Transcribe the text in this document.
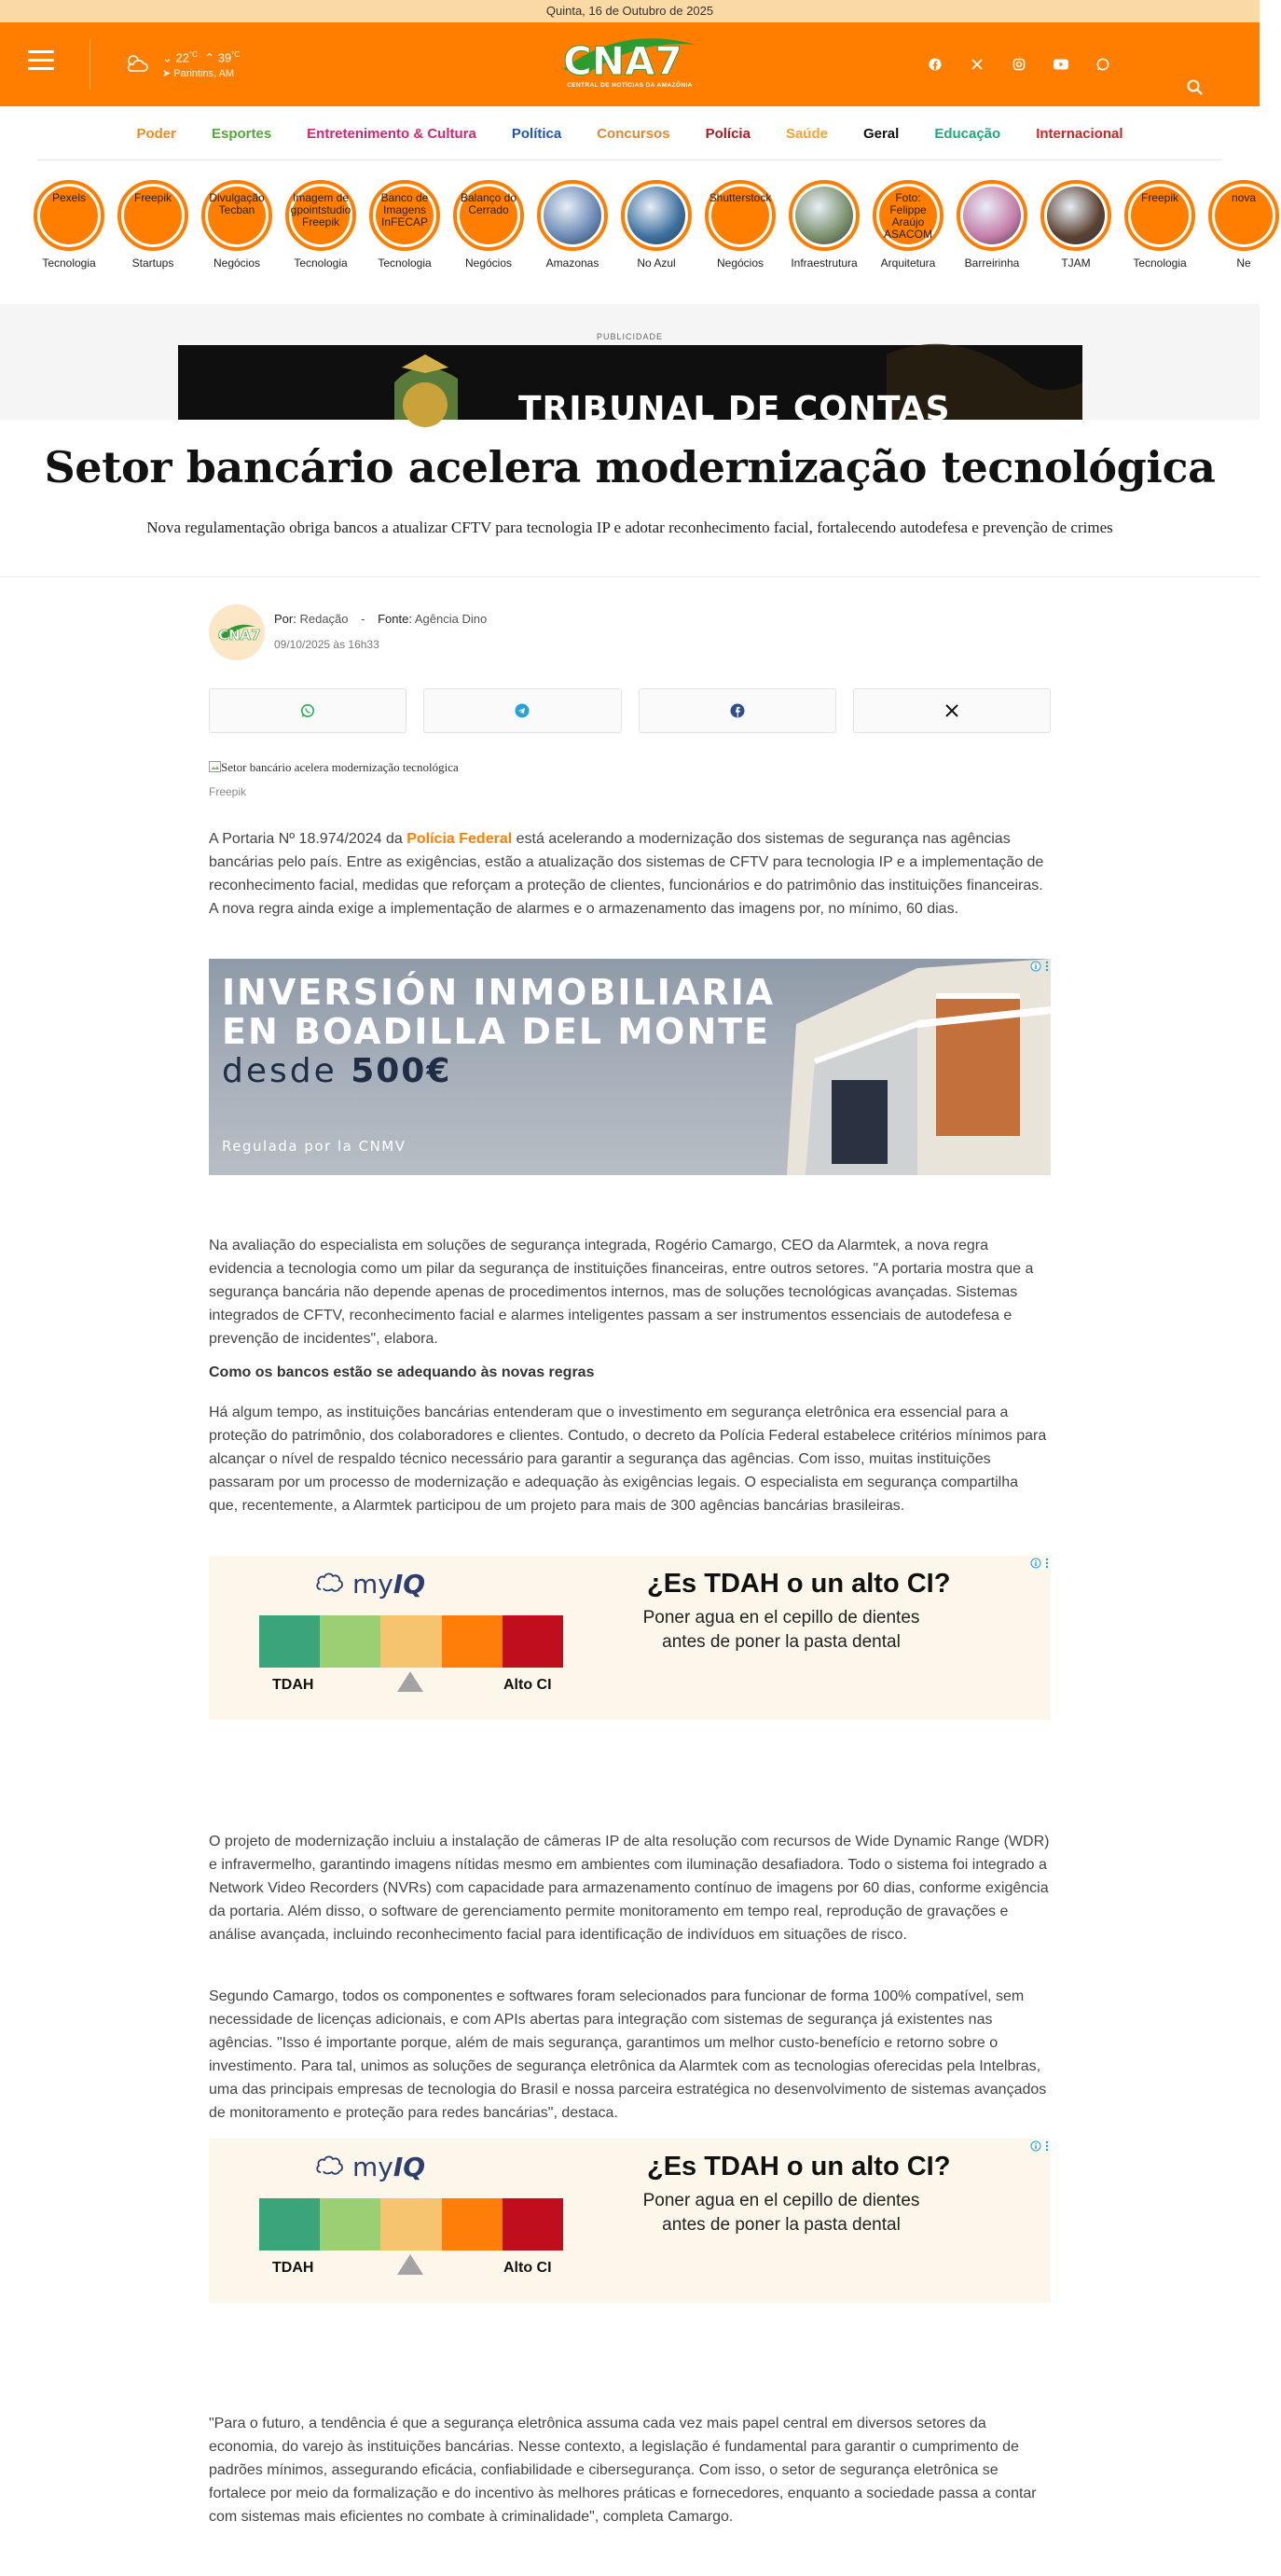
Quinta, 16 de Outubro de 2025
⌄ $22^{^\circ C}$  ⌃ $39^{^\circ C}$
➤ Parintins, AM	CNA7
CENTRAL DE NOTÍCIAS DA AMAZÔNIA
Poder	Esportes	Entretenimento & Cultura	Política	Concursos	Polícia	Saúde	Geral	Educação	Internacional
Pexels
Tecnologia
Freepik
Startups
Divulgação Tecban
Negócios
Imagem de gpointstudio Freepik
Tecnologia
Banco de Imagens InFECAP
Tecnologia
Balanço do Cerrado
Negócios	Amazonas	No Azul
Shutterstock
Negócios	Infraestrutura
Foto: Felippe Araújo ASACOM
Arquitetura	Barreirinha	TJAM
Freepik
Tecnologia
nova
Ne
PUBLICIDADE
TRIBUNAL DE CONTAS
Setor bancário acelera modernização tecnológica

Nova regulamentação obriga bancos a atualizar CFTV para tecnologia IP e adotar reconhecimento facial, fortalecendo autodefesa e prevenção de crimes

CNA7
Por: Redação - Fonte: Agência Dino
09/10/2025 às 16h33
Setor bancário acelera modernização tecnológica
Freepik

A Portaria Nº 18.974/2024 da Polícia Federal está acelerando a modernização dos sistemas de segurança nas agências bancárias pelo país. Entre as exigências, estão a atualização dos sistemas de CFTV para tecnologia IP e a implementação de reconhecimento facial, medidas que reforçam a proteção de clientes, funcionários e do patrimônio das instituições financeiras. A nova regra ainda exige a implementação de alarmes e o armazenamento das imagens por, no mínimo, 60 dias.

INVERSIÓN INMOBILIARIA
EN BOADILLA DEL MONTE
desde 500€
Regulada por la CNMV

Na avaliação do especialista em soluções de segurança integrada, Rogério Camargo, CEO da Alarmtek, a nova regra evidencia a tecnologia como um pilar da segurança de instituições financeiras, entre outros setores. "A portaria mostra que a segurança bancária não depende apenas de procedimentos internos, mas de soluções tecnológicas avançadas. Sistemas integrados de CFTV, reconhecimento facial e alarmes inteligentes passam a ser instrumentos essenciais de autodefesa e prevenção de incidentes", elabora.

Como os bancos estão se adequando às novas regras

Há algum tempo, as instituições bancárias entenderam que o investimento em segurança eletrônica era essencial para a proteção do patrimônio, dos colaboradores e clientes. Contudo, o decreto da Polícia Federal estabelece critérios mínimos para alcançar o nível de respaldo técnico necessário para garantir a segurança das agências. Com isso, muitas instituições passaram por um processo de modernização e adequação às exigências legais. O especialista em segurança compartilha que, recentemente, a Alarmtek participou de um projeto para mais de 300 agências bancárias brasileiras.

myIQ
TDAH	Alto CI
¿Es TDAH o un alto CI?
Poner agua en el cepillo de dientes antes de poner la pasta dental

O projeto de modernização incluiu a instalação de câmeras IP de alta resolução com recursos de Wide Dynamic Range (WDR) e infravermelho, garantindo imagens nítidas mesmo em ambientes com iluminação desafiadora. Todo o sistema foi integrado a Network Video Recorders (NVRs) com capacidade para armazenamento contínuo de imagens por 60 dias, conforme exigência da portaria. Além disso, o software de gerenciamento permite monitoramento em tempo real, reprodução de gravações e análise avançada, incluindo reconhecimento facial para identificação de indivíduos em situações de risco.

Segundo Camargo, todos os componentes e softwares foram selecionados para funcionar de forma 100% compatível, sem necessidade de licenças adicionais, e com APIs abertas para integração com sistemas de segurança já existentes nas agências. "Isso é importante porque, além de mais segurança, garantimos um melhor custo-benefício e retorno sobre o investimento. Para tal, unimos as soluções de segurança eletrônica da Alarmtek com as tecnologias oferecidas pela Intelbras, uma das principais empresas de tecnologia do Brasil e nossa parceira estratégica no desenvolvimento de sistemas avançados de monitoramento e proteção para redes bancárias", destaca.

myIQ
TDAH	Alto CI
¿Es TDAH o un alto CI?
Poner agua en el cepillo de dientes antes de poner la pasta dental

"Para o futuro, a tendência é que a segurança eletrônica assuma cada vez mais papel central em diversos setores da economia, do varejo às instituições bancárias. Nesse contexto, a legislação é fundamental para garantir o cumprimento de padrões mínimos, assegurando eficácia, confiabilidade e cibersegurança. Com isso, o setor de segurança eletrônica se fortalece por meio da formalização e do incentivo às melhores práticas e fornecedores, enquanto a sociedade passa a contar com sistemas mais eficientes no combate à criminalidade", completa Camargo.
